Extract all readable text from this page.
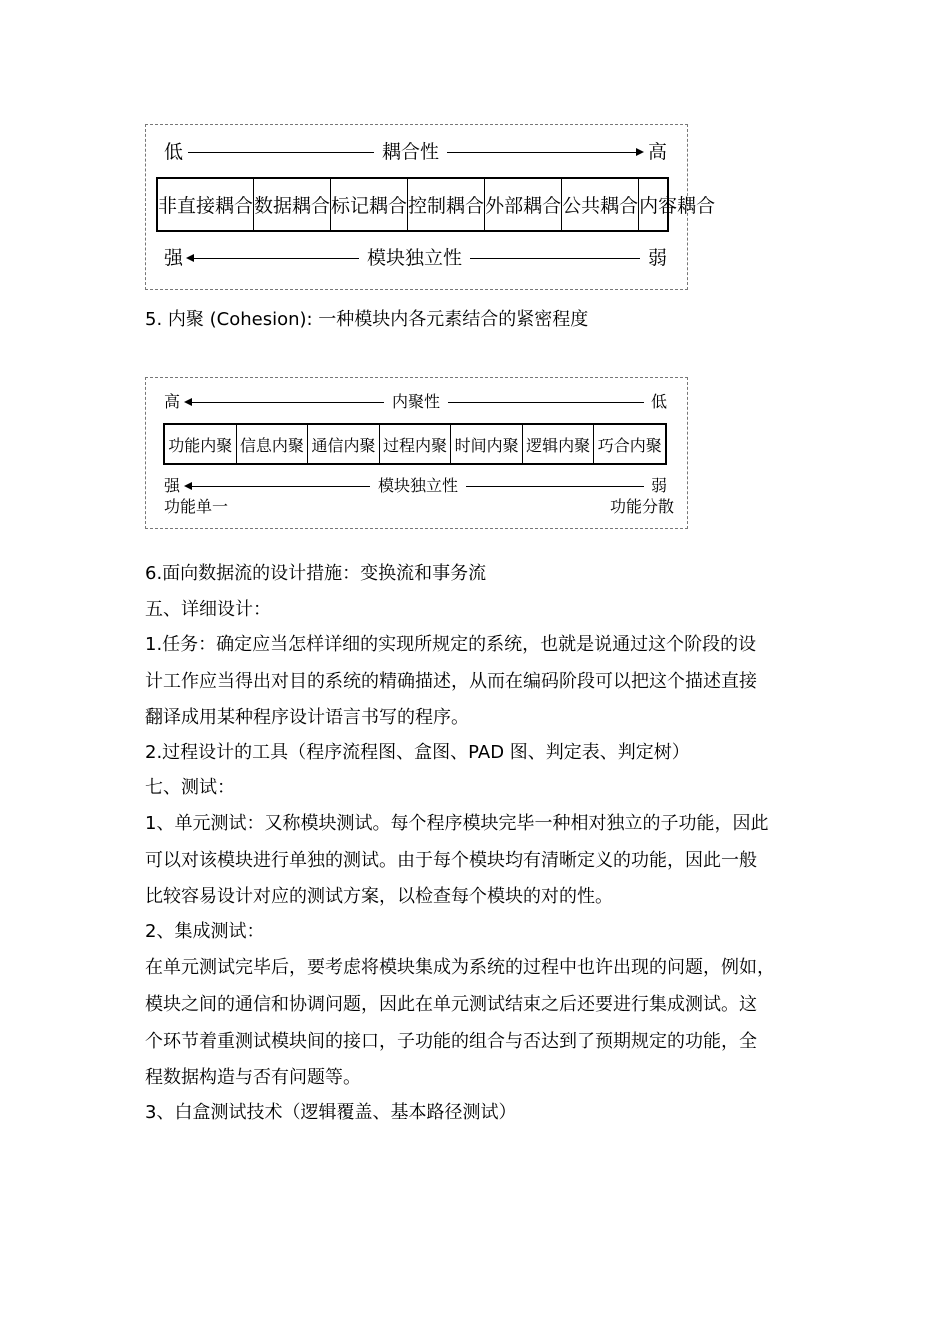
低	耦合性	高
非直接耦合 数据耦合 标记耦合 控制耦合 外部耦合 公共耦合 内容耦合
强	模块独立性	弱
5. 内聚 (Cohesion): 一种模块内各元素结合的紧密程度
高	内聚性	低
功能内聚 信息内聚 通信内聚 过程内聚 时间内聚 逻辑内聚 巧合内聚
强	模块独立性	弱
功能单一	功能分散
6.面向数据流的设计措施：变换流和事务流
五、详细设计：
1.任务：确定应当怎样详细的实现所规定的系统，也就是说通过这个阶段的设
计工作应当得出对目的系统的精确描述，从而在编码阶段可以把这个描述直接
翻译成用某种程序设计语言书写的程序。
2.过程设计的工具（程序流程图、盒图、PAD 图、判定表、判定树）
七、测试：
1、单元测试：又称模块测试。每个程序模块完毕一种相对独立的子功能，因此
可以对该模块进行单独的测试。由于每个模块均有清晰定义的功能，因此一般
比较容易设计对应的测试方案，以检查每个模块的对的性。
2、集成测试：
在单元测试完毕后，要考虑将模块集成为系统的过程中也许出现的问题，例如，
模块之间的通信和协调问题，因此在单元测试结束之后还要进行集成测试。这
个环节着重测试模块间的接口，子功能的组合与否达到了预期规定的功能，全
程数据构造与否有问题等。
3、白盒测试技术（逻辑覆盖、基本路径测试）
